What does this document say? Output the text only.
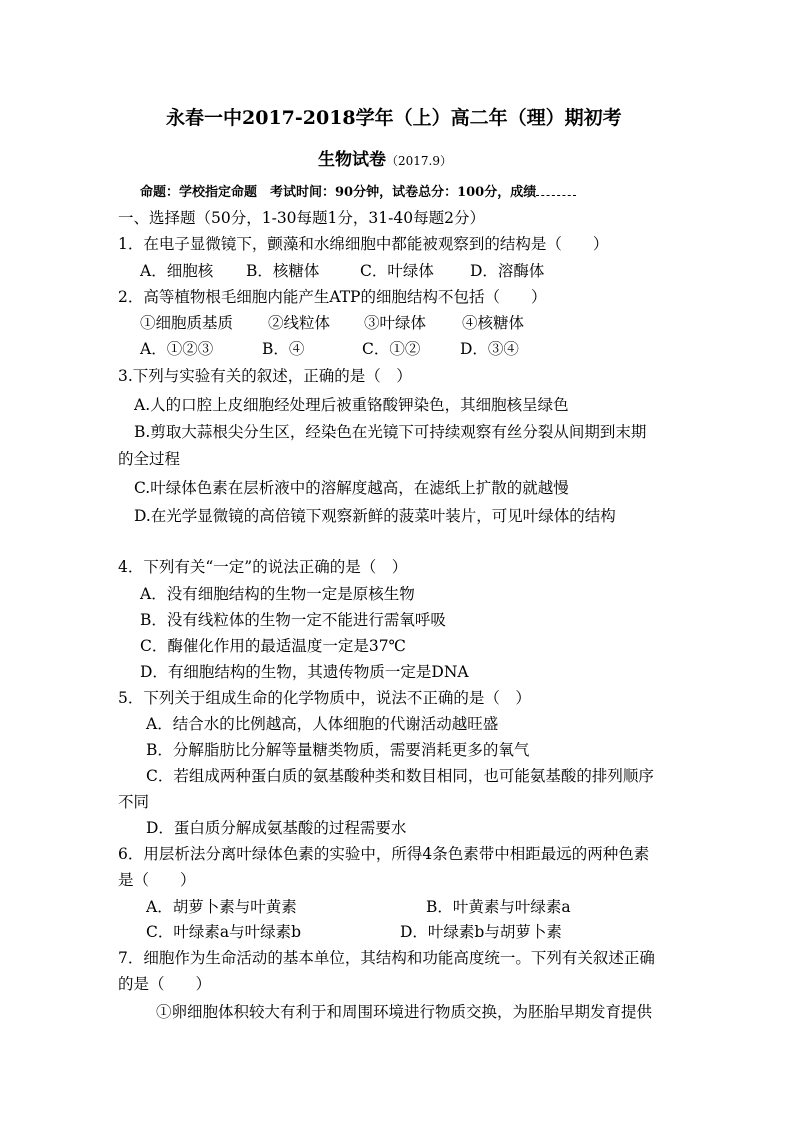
永春一中2017-2018学年（上）高二年（理）期初考
生物试卷（2017.9）
命题：学校指定命题　考试时间：90分钟，试卷总分：100分，成绩
一、选择题（50分，1-30每题1分，31-40每题2分）
1．在电子显微镜下，颤藻和水绵细胞中都能被观察到的结构是（　　）
A．细胞核 B．核糖体	C．叶绿体 D．溶酶体
2．高等植物根毛细胞内能产生ATP的细胞结构不包括（　　）
①细胞质基质 ②线粒体 ③叶绿体 ④核糖体
A．①②③	B．④	C．①②	D．③④
3.下列与实验有关的叙述，正确的是（　）
A.人的口腔上皮细胞经处理后被重铬酸钾染色，其细胞核呈绿色
B.剪取大蒜根尖分生区，经染色在光镜下可持续观察有丝分裂从间期到末期
的全过程
C.叶绿体色素在层析液中的溶解度越高，在滤纸上扩散的就越慢
D.在光学显微镜的高倍镜下观察新鲜的菠菜叶装片，可见叶绿体的结构
4．下列有关“一定”的说法正确的是（　）
A．没有细胞结构的生物一定是原核生物
B．没有线粒体的生物一定不能进行需氧呼吸
C．酶催化作用的最适温度一定是37℃
D．有细胞结构的生物，其遗传物质一定是DNA
5．下列关于组成生命的化学物质中，说法不正确的是（　）
A．结合水的比例越高，人体细胞的代谢活动越旺盛
B．分解脂肪比分解等量糖类物质，需要消耗更多的氧气
C．若组成两种蛋白质的氨基酸种类和数目相同，也可能氨基酸的排列顺序
不同
D．蛋白质分解成氨基酸的过程需要水
6．用层析法分离叶绿体色素的实验中，所得4条色素带中相距最远的两种色素
是（　　）
A．胡萝卜素与叶黄素	B．叶黄素与叶绿素a
C．叶绿素a与叶绿素b	D．叶绿素b与胡萝卜素
7．细胞作为生命活动的基本单位，其结构和功能高度统一。下列有关叙述正确
的是（　　）
①卵细胞体积较大有利于和周围环境进行物质交换，为胚胎早期发育提供
